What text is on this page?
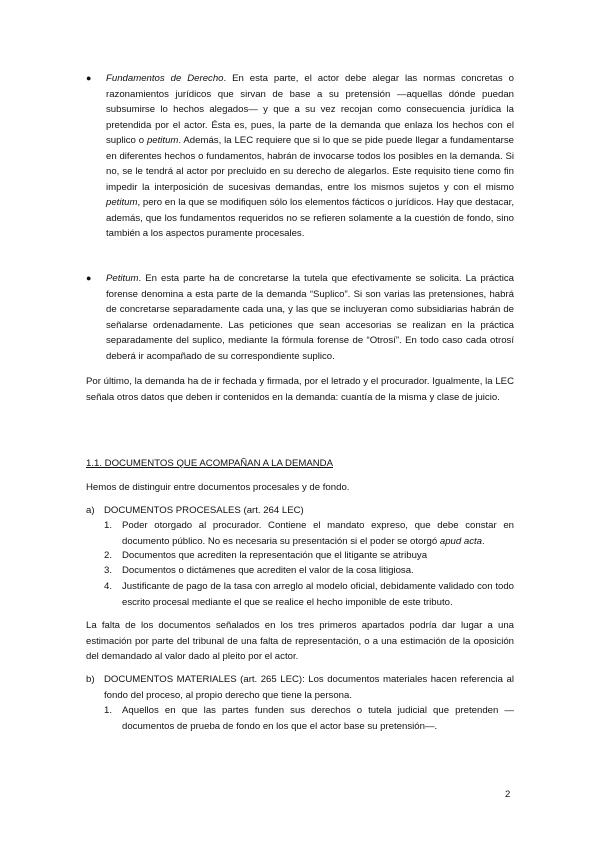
● Fundamentos de Derecho. En esta parte, el actor debe alegar las normas concretas o razonamientos jurídicos que sirvan de base a su pretensión —aquellas dónde puedan subsumirse lo hechos alegados— y que a su vez recojan como consecuencia jurídica la pretendida por el actor. Ésta es, pues, la parte de la demanda que enlaza los hechos con el suplico o petitum. Además, la LEC requiere que si lo que se pide puede llegar a fundamentarse en diferentes hechos o fundamentos, habrán de invocarse todos los posibles en la demanda. Si no, se le tendrá al actor por precluido en su derecho de alegarlos. Este requisito tiene como fin impedir la interposición de sucesivas demandas, entre los mismos sujetos y con el mismo petitum, pero en la que se modifiquen sólo los elementos fácticos o jurídicos. Hay que destacar, además, que los fundamentos requeridos no se refieren solamente a la cuestión de fondo, sino también a los aspectos puramente procesales.
● Petitum. En esta parte ha de concretarse la tutela que efectivamente se solicita. La práctica forense denomina a esta parte de la demanda “Suplico”. Si son varias las pretensiones, habrá de concretarse separadamente cada una, y las que se incluyeran como subsidiarias habrán de señalarse ordenadamente. Las peticiones que sean accesorias se realizan en la práctica separadamente del suplico, mediante la fórmula forense de “Otrosí”. En todo caso cada otrosí deberá ir acompañado de su correspondiente suplico.

Por último, la demanda ha de ir fechada y firmada, por el letrado y el procurador. Igualmente, la LEC señala otros datos que deben ir contenidos en la demanda: cuantía de la misma y clase de juicio.

1.1. DOCUMENTOS QUE ACOMPAÑAN A LA DEMANDA

Hemos de distinguir entre documentos procesales y de fondo.

a) DOCUMENTOS PROCESALES (art. 264 LEC)
1. Poder otorgado al procurador. Contiene el mandato expreso, que debe constar en documento público. No es necesaria su presentación si el poder se otorgó apud acta.
2. Documentos que acrediten la representación que el litigante se atribuya
3. Documentos o dictámenes que acrediten el valor de la cosa litigiosa.
4. Justificante de pago de la tasa con arreglo al modelo oficial, debidamente validado con todo escrito procesal mediante el que se realice el hecho imponible de este tributo.

La falta de los documentos señalados en los tres primeros apartados podría dar lugar a una estimación por parte del tribunal de una falta de representación, o a una estimación de la oposición del demandado al valor dado al pleito por el actor.

b) DOCUMENTOS MATERIALES (art. 265 LEC): Los documentos materiales hacen referencia al fondo del proceso, al propio derecho que tiene la persona.
1. Aquellos en que las partes funden sus derechos o tutela judicial que pretenden —documentos de prueba de fondo en los que el actor base su pretensión—.
2
